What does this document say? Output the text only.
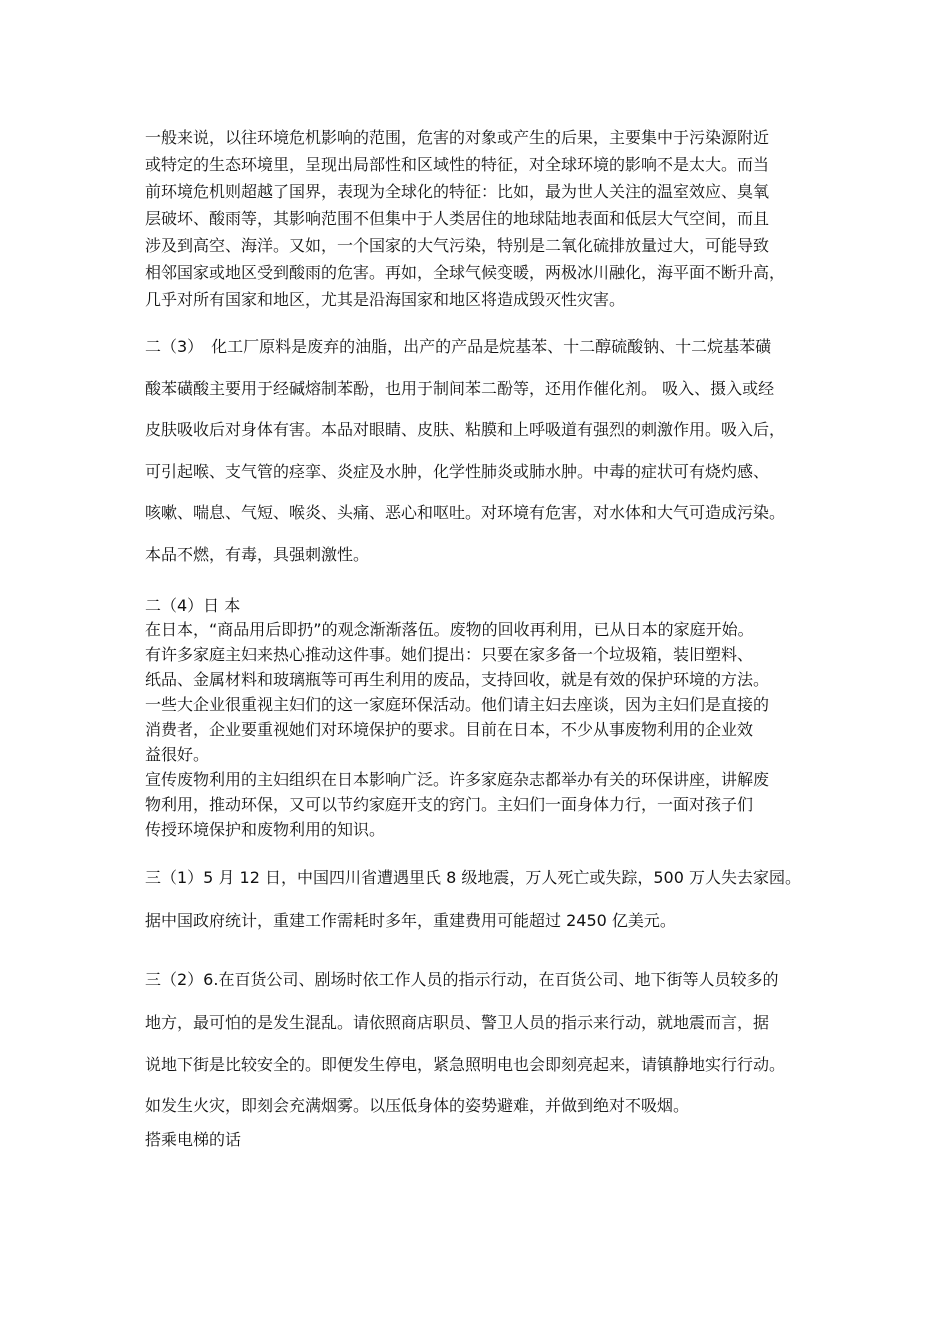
一般来说，以往环境危机影响的范围，危害的对象或产生的后果，主要集中于污染源附近
或特定的生态环境里，呈现出局部性和区域性的特征，对全球环境的影响不是太大。而当
前环境危机则超越了国界，表现为全球化的特征：比如，最为世人关注的温室效应、臭氧
层破坏、酸雨等，其影响范围不但集中于人类居住的地球陆地表面和低层大气空间，而且
涉及到高空、海洋。又如，一个国家的大气污染，特别是二氧化硫排放量过大，可能导致
相邻国家或地区受到酸雨的危害。再如，全球气候变暖，两极冰川融化，海平面不断升高，
几乎对所有国家和地区，尤其是沿海国家和地区将造成毁灭性灾害。
二（3）　化工厂原料是废弃的油脂，出产的产品是烷基苯、十二醇硫酸钠、十二烷基苯磺
酸苯磺酸主要用于经碱熔制苯酚，也用于制间苯二酚等，还用作催化剂。 吸入、摄入或经
皮肤吸收后对身体有害。本品对眼睛、皮肤、粘膜和上呼吸道有强烈的刺激作用。吸入后，
可引起喉、支气管的痉挛、炎症及水肿，化学性肺炎或肺水肿。中毒的症状可有烧灼感、
咳嗽、喘息、气短、喉炎、头痛、恶心和呕吐。对环境有危害，对水体和大气可造成污染。
本品不燃，有毒，具强刺激性。
二（4）日 本
在日本，“商品用后即扔”的观念渐渐落伍。废物的回收再利用，已从日本的家庭开始。
有许多家庭主妇来热心推动这件事。她们提出：只要在家多备一个垃圾箱，装旧塑料、
纸品、金属材料和玻璃瓶等可再生利用的废品，支持回收，就是有效的保护环境的方法。
一些大企业很重视主妇们的这一家庭环保活动。他们请主妇去座谈，因为主妇们是直接的
消费者，企业要重视她们对环境保护的要求。目前在日本，不少从事废物利用的企业效
益很好。
宣传废物利用的主妇组织在日本影响广泛。许多家庭杂志都举办有关的环保讲座，讲解废
物利用，推动环保，又可以节约家庭开支的窍门。主妇们一面身体力行，一面对孩子们
传授环境保护和废物利用的知识。
三（1）5 月 12 日，中国四川省遭遇里氏 8 级地震，万人死亡或失踪，500 万人失去家园。
据中国政府统计，重建工作需耗时多年，重建费用可能超过 2450 亿美元。
三（2）6.在百货公司、剧场时依工作人员的指示行动，在百货公司、地下街等人员较多的
地方，最可怕的是发生混乱。请依照商店职员、警卫人员的指示来行动，就地震而言，据
说地下街是比较安全的。即便发生停电，紧急照明电也会即刻亮起来，请镇静地实行行动。
如发生火灾，即刻会充满烟雾。以压低身体的姿势避难，并做到绝对不吸烟。
搭乘电梯的话
